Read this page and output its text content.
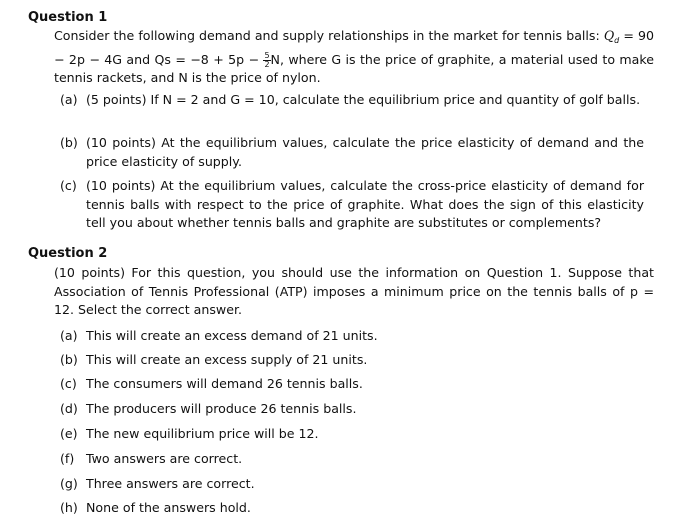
Question 1
Consider the following demand and supply relationships in the market for tennis balls: $Q_d = 90 - 2p - 4G$ and $Qs = -8 + 5p - \frac{5}{2} N$, where G is the price of graphite, a material used to make tennis rackets, and N is the price of nylon.
(a) (5 points) If N = 2 and G = 10, calculate the equilibrium price and quantity of golf balls.
(b) (10 points) At the equilibrium values, calculate the price elasticity of demand and the price elasticity of supply.
(c) (10 points) At the equilibrium values, calculate the cross-price elasticity of demand for tennis balls with respect to the price of graphite. What does the sign of this elasticity tell you about whether tennis balls and graphite are substitutes or complements?
Question 2
(10 points) For this question, you should use the information on Question 1. Suppose that Association of Tennis Professional (ATP) imposes a minimum price on the tennis balls of p = 12. Select the correct answer.
(a) This will create an excess demand of 21 units.
(b) This will create an excess supply of 21 units.
(c) The consumers will demand 26 tennis balls.
(d) The producers will produce 26 tennis balls.
(e) The new equilibrium price will be 12.
(f) Two answers are correct.
(g) Three answers are correct.
(h) None of the answers hold.
